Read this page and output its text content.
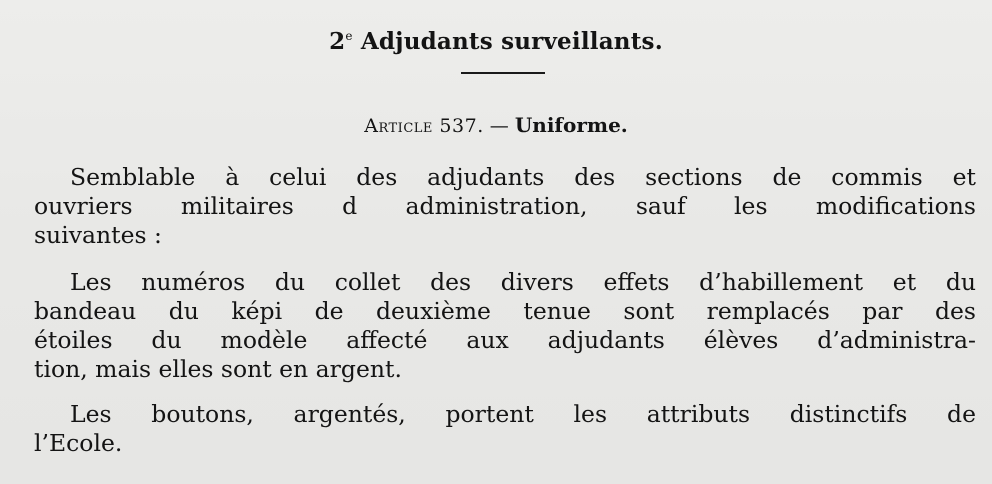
2e Adjudants surveillants.
Article 537. — Uniforme.
Semblable à celui des adjudants des sections de commis et
ouvriers militaires d administration, sauf les modifications
suivantes :
Les numéros du collet des divers effets d’habillement et du
bandeau du képi de deuxième tenue sont remplacés par des
étoiles du modèle affecté aux adjudants élèves d’administra-
tion, mais elles sont en argent.
Les boutons, argentés, portent les attributs distinctifs de
l’Ecole.
